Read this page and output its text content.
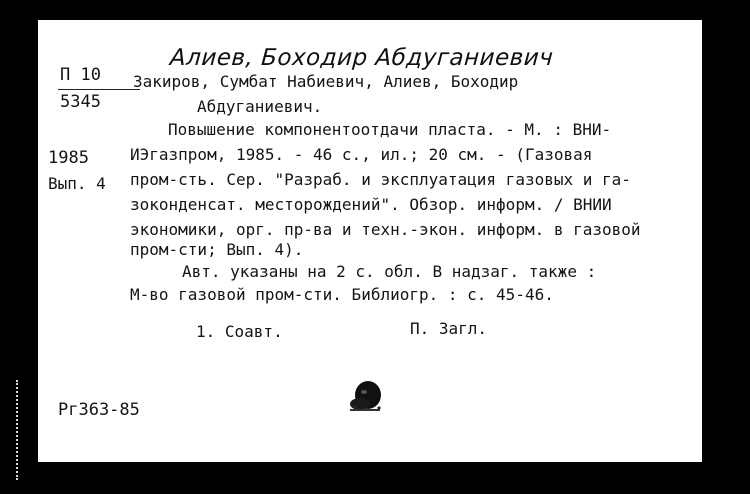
Алиев, Боходир Абдуганиевич
П 10
5345
1985
Вып. 4
Закиров, Сумбат Набиевич, Алиев, Боходир
Абдуганиевич.
Повышение компонентоотдачи пласта. - М. : ВНИ-
ИЭгазпром, 1985. - 46 с., ил.; 20 см. - (Газовая
пром-сть. Сер. "Разраб. и эксплуатация газовых и га-
зоконденсат. месторождений". Обзор. информ. / ВНИИ
экономики, орг. пр-ва и техн.-экон. информ. в газовой
пром-сти; Вып. 4).
Авт. указаны на 2 с. обл. В надзаг. также :
М-во газовой пром-сти. Библиогр. : с. 45-46.
1. Соавт.	П. Загл.
Рг363-85
